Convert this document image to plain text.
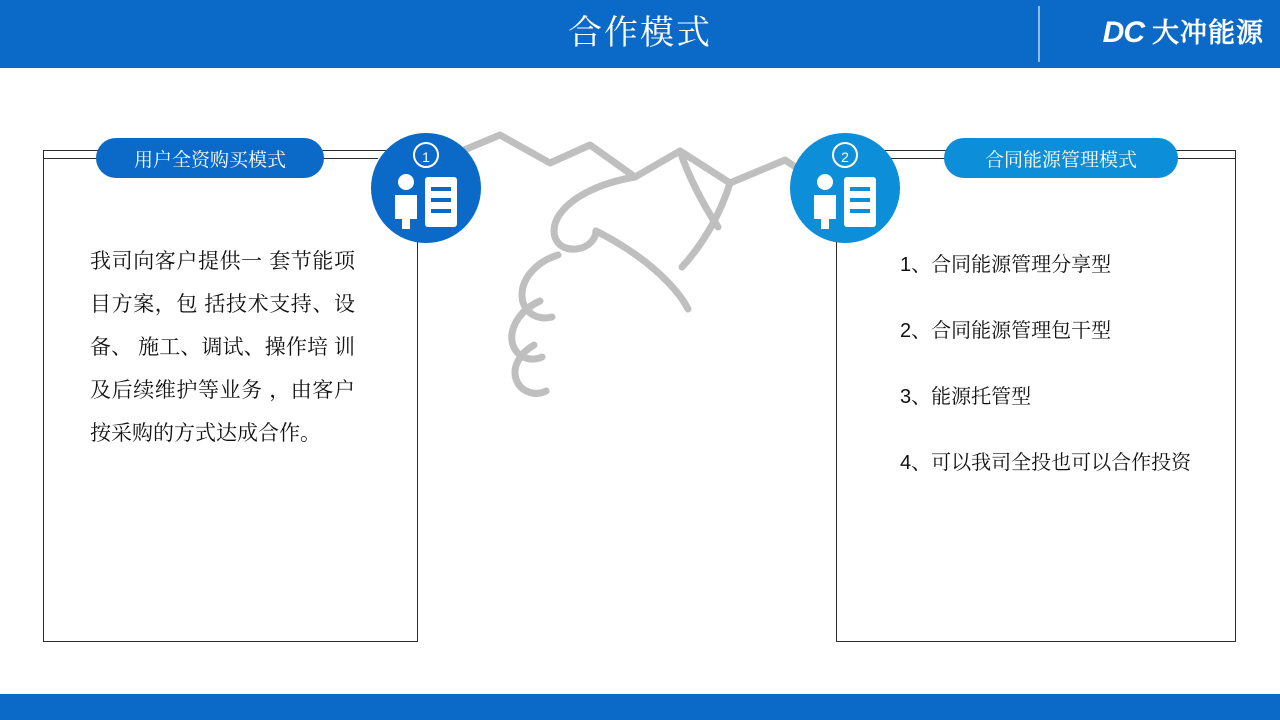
合作模式	DC 大冲能源
用户全资购买模式	1
我司向客户提供一 套节能项目方案，包 括技术支持、设备、 施工、调试、操作培 训及后续维护等业务 ，由客户按采购的方式达成合作。
合同能源管理模式
2
1、合同能源管理分享型
2、合同能源管理包干型
3、能源托管型
4、可以我司全投也可以合作投资
